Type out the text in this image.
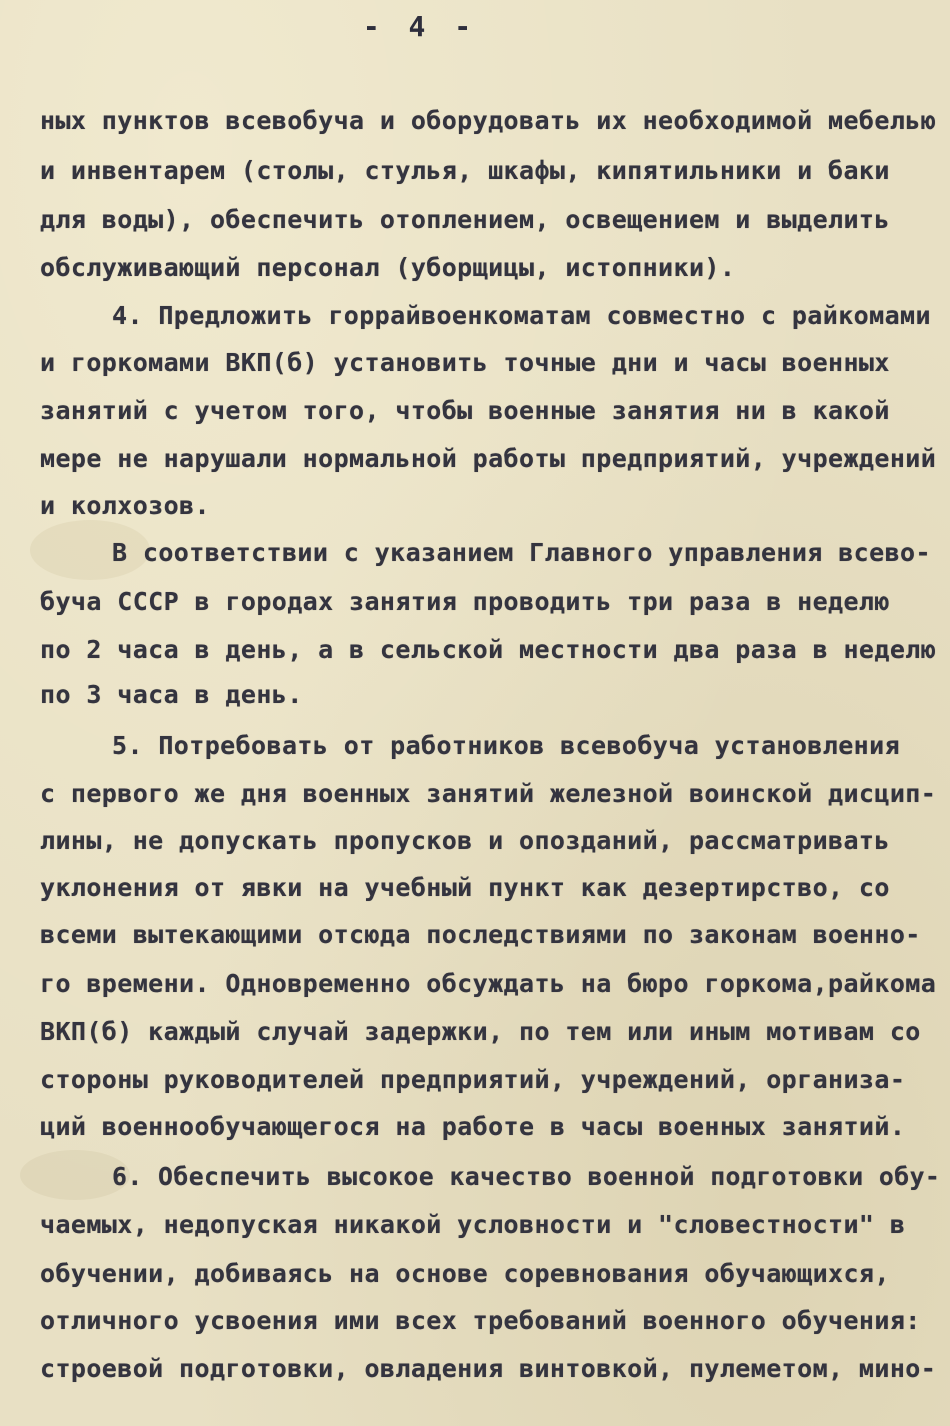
- 4 -
ных пунктов всевобуча и оборудовать их необходимой мебелью
и инвентарем (столы, стулья, шкафы, кипятильники и баки
для воды), обеспечить отоплением, освещением и выделить
обслуживающий персонал (уборщицы, истопники).
4. Предложить горрайвоенкоматам совместно с райкомами
и горкомами ВКП(б) установить точные дни и часы военных
занятий с учетом того, чтобы военные занятия ни в какой
мере не нарушали нормальной работы предприятий, учреждений
и колхозов.
В соответствии с указанием Главного управления всево-
буча СССР в городах занятия проводить три раза в неделю
по 2 часа в день, а в сельской местности два раза в неделю
по 3 часа в день.
5. Потребовать от работников всевобуча установления
с первого же дня военных занятий железной воинской дисцип-
лины, не допускать пропусков и опозданий, рассматривать
уклонения от явки на учебный пункт как дезертирство, со
всеми вытекающими отсюда последствиями по законам военно-
го времени. Одновременно обсуждать на бюро горкома,райкома
ВКП(б) каждый случай задержки, по тем или иным мотивам со
стороны руководителей предприятий, учреждений, организа-
ций военнообучающегося на работе в часы военных занятий.
6. Обеспечить высокое качество военной подготовки обу-
чаемых, недопуская никакой условности и "словестности" в
обучении, добиваясь на основе соревнования обучающихся,
отличного усвоения ими всех требований военного обучения:
строевой подготовки, овладения винтовкой, пулеметом, мино-
